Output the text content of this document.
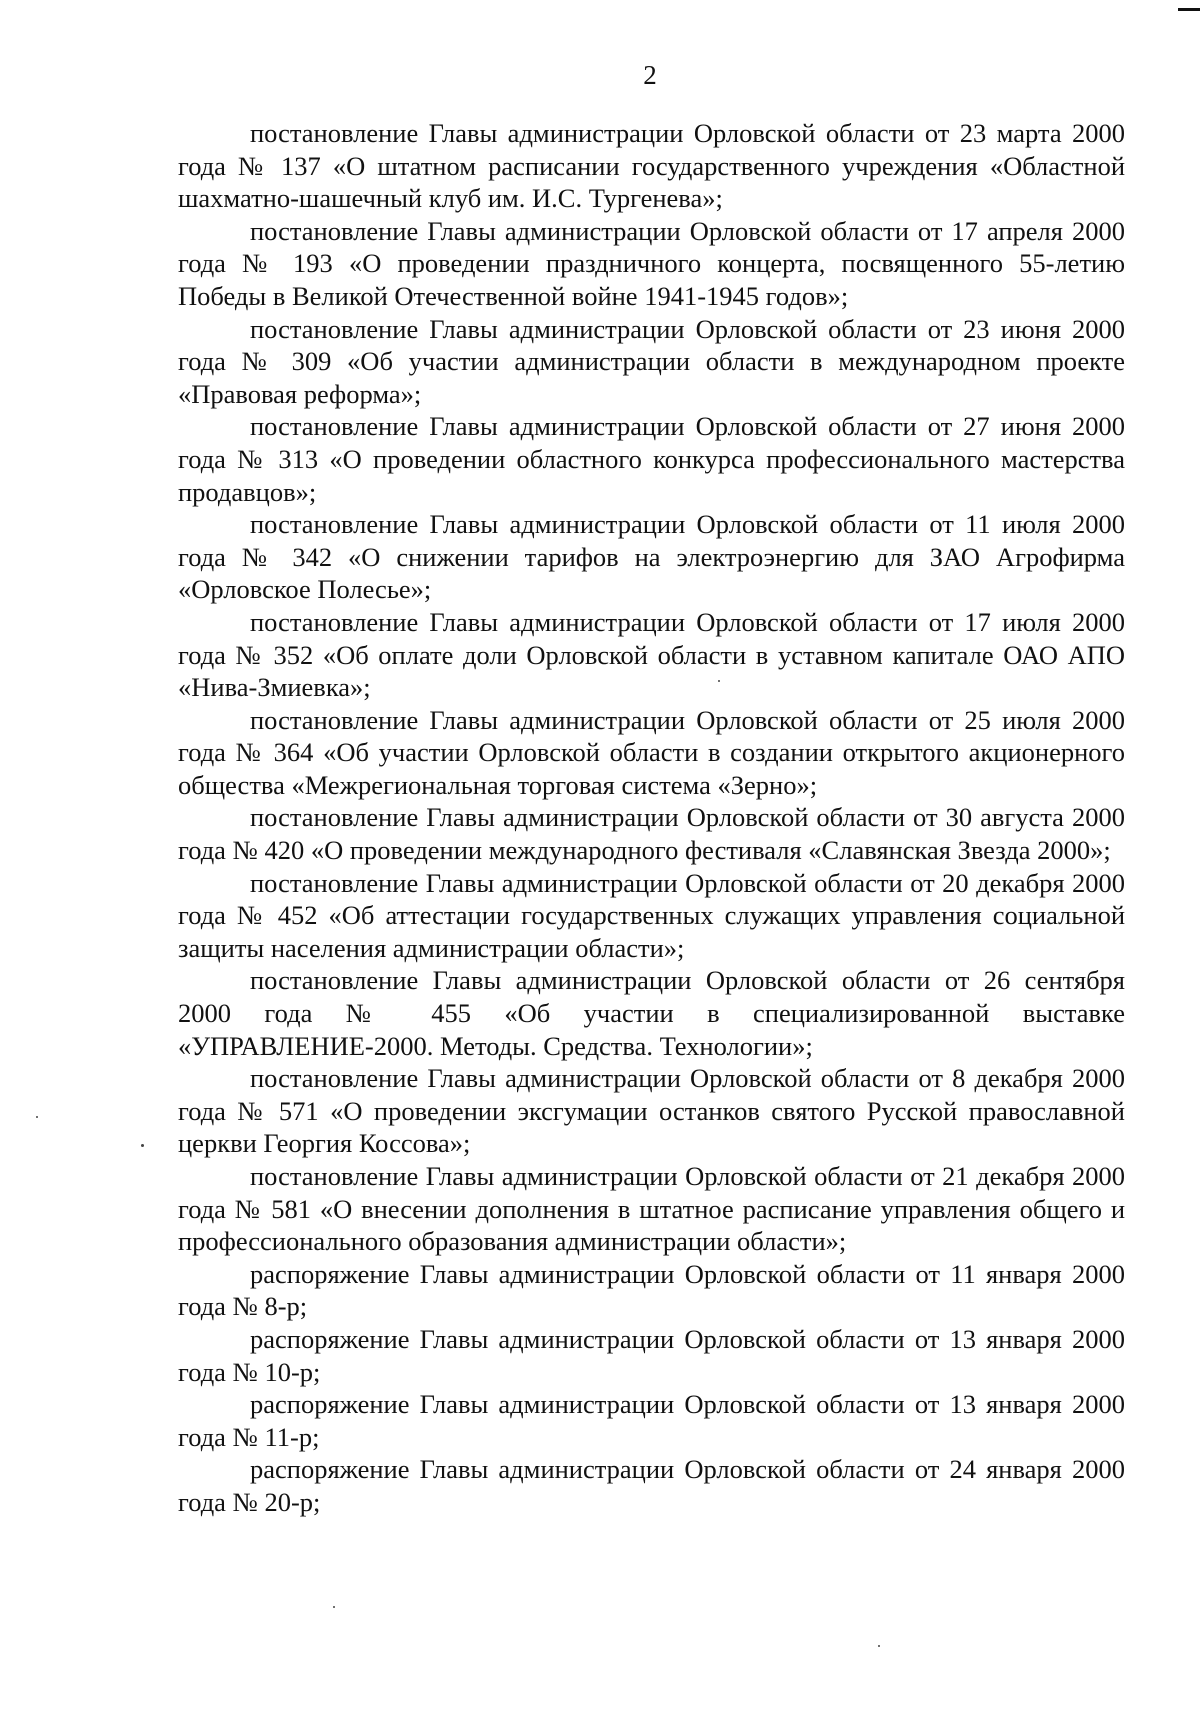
2

постановление Главы администрации Орловской области от 23 марта 2000 года № 137 «О штатном расписании государственного учреждения «Областной шахматно-шашечный клуб им. И.С. Тургенева»;

постановление Главы администрации Орловской области от 17 апреля 2000 года № 193 «О проведении праздничного концерта, посвященного 55-летию Победы в Великой Отечественной войне 1941-1945 годов»;

постановление Главы администрации Орловской области от 23 июня 2000 года № 309 «Об участии администрации области в международном проекте «Правовая реформа»;

постановление Главы администрации Орловской области от 27 июня 2000 года № 313 «О проведении областного конкурса профессионального мастерства продавцов»;

постановление Главы администрации Орловской области от 11 июля 2000 года № 342 «О снижении тарифов на электроэнергию для ЗАО Агрофирма «Орловское Полесье»;

постановление Главы администрации Орловской области от 17 июля 2000 года № 352 «Об оплате доли Орловской области в уставном капитале ОАО АПО «Нива-Змиевка»;

постановление Главы администрации Орловской области от 25 июля 2000 года № 364 «Об участии Орловской области в создании открытого акционерного общества «Межрегиональная торговая система «Зерно»;

постановление Главы администрации Орловской области от 30 августа 2000 года № 420 «О проведении международного фестиваля «Славянская Звезда 2000»;

постановление Главы администрации Орловской области от 20 декабря 2000 года № 452 «Об аттестации государственных служащих управления социальной защиты населения администрации области»;

постановление Главы администрации Орловской области от 26 сентября 2000 года № 455 «Об участии в специализированной выставке «УПРАВЛЕНИЕ-2000. Методы. Средства. Технологии»;

постановление Главы администрации Орловской области от 8 декабря 2000 года № 571 «О проведении эксгумации останков святого Русской православной церкви Георгия Коссова»;

постановление Главы администрации Орловской области от 21 декабря 2000 года № 581 «О внесении дополнения в штатное расписание управления общего и профессионального образования администрации области»;

распоряжение Главы администрации Орловской области от 11 января 2000 года № 8-р;

распоряжение Главы администрации Орловской области от 13 января 2000 года № 10-р;

распоряжение Главы администрации Орловской области от 13 января 2000 года № 11-р;

распоряжение Главы администрации Орловской области от 24 января 2000 года № 20-р;
